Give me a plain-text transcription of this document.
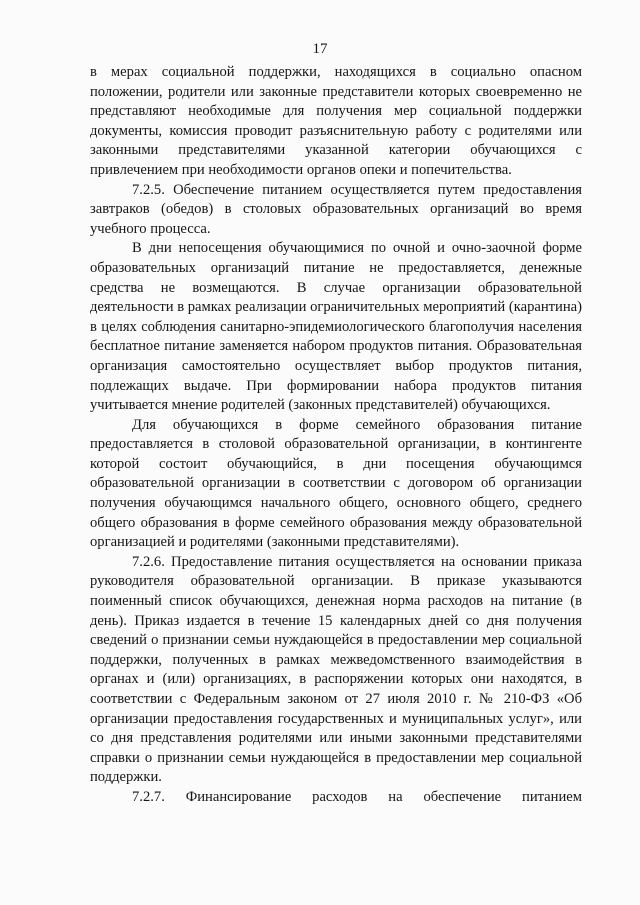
17

в мерах социальной поддержки, находящихся в социально опасном положении, родители или законные представители которых своевременно не представляют необходимые для получения мер социальной поддержки документы, комиссия проводит разъяснительную работу с родителями или законными представителями указанной категории обучающихся с привлечением при необходимости органов опеки и попечительства.

7.2.5. Обеспечение питанием осуществляется путем предоставления завтраков (обедов) в столовых образовательных организаций во время учебного процесса.

В дни непосещения обучающимися по очной и очно-заочной форме образовательных организаций питание не предоставляется, денежные средства не возмещаются. В случае организации образовательной деятельности в рамках реализации ограничительных мероприятий (карантина) в целях соблюдения санитарно-эпидемиологического благополучия населения бесплатное питание заменяется набором продуктов питания. Образовательная организация самостоятельно осуществляет выбор продуктов питания, подлежащих выдаче. При формировании набора продуктов питания учитывается мнение родителей (законных представителей) обучающихся.

Для обучающихся в форме семейного образования питание предоставляется в столовой образовательной организации, в контингенте которой состоит обучающийся, в дни посещения обучающимся образовательной организации в соответствии с договором об организации получения обучающимся начального общего, основного общего, среднего общего образования в форме семейного образования между образовательной организацией и родителями (законными представителями).

7.2.6. Предоставление питания осуществляется на основании приказа руководителя образовательной организации. В приказе указываются поименный список обучающихся, денежная норма расходов на питание (в день). Приказ издается в течение 15 календарных дней со дня получения сведений о признании семьи нуждающейся в предоставлении мер социальной поддержки, полученных в рамках межведомственного взаимодействия в органах и (или) организациях, в распоряжении которых они находятся, в соответствии с Федеральным законом от 27 июля 2010 г. № 210-ФЗ «Об организации предоставления государственных и муниципальных услуг», или со дня представления родителями или иными законными представителями справки о признании семьи нуждающейся в предоставлении мер социальной поддержки.

7.2.7. Финансирование расходов на обеспечение питанием
